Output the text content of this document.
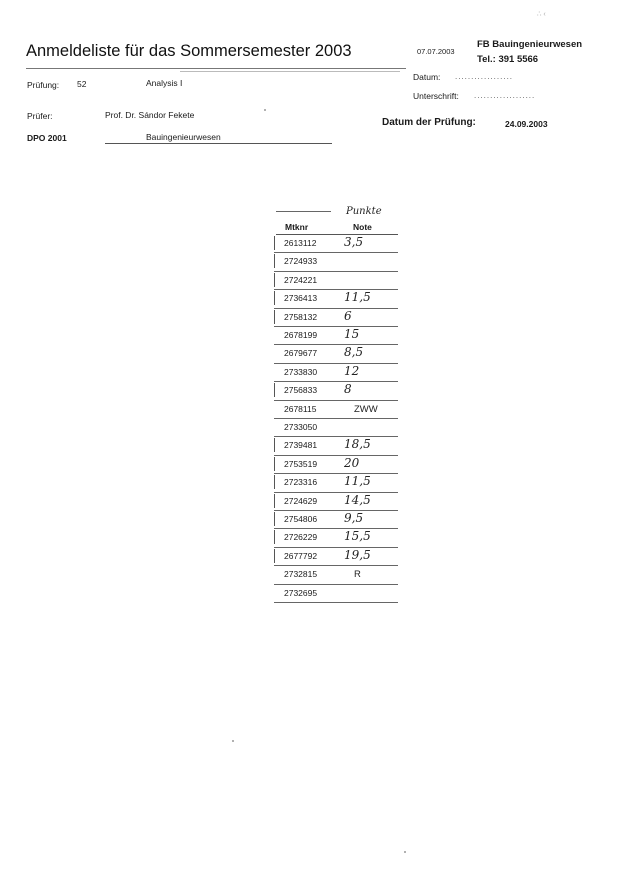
∴ ‹
Anmeldeliste für das Sommersemester 2003	07.07.2003
FB Bauingenieurwesen
Tel.: 391 5566
Prüfung: 52	Analysis I
Datum: ..................
Unterschrift: ...................
Prüfer:	Prof. Dr. Sándor Fekete
Datum der Prüfung:	24.09.2003
DPO 2001	Bauingenieurwesen
Punkte
Mtknr	Note
2613112 3,5
2724933
2724221
2736413 11,5
2758132 6
2678199 15
2679677 8,5
2733830 12
2756833 8
2678115	ZWW
2733050
2739481 18,5
2753519 20
2723316 11,5
2724629 14,5
2754806 9,5
2726229 15,5
2677792 19,5
2732815	R
2732695
